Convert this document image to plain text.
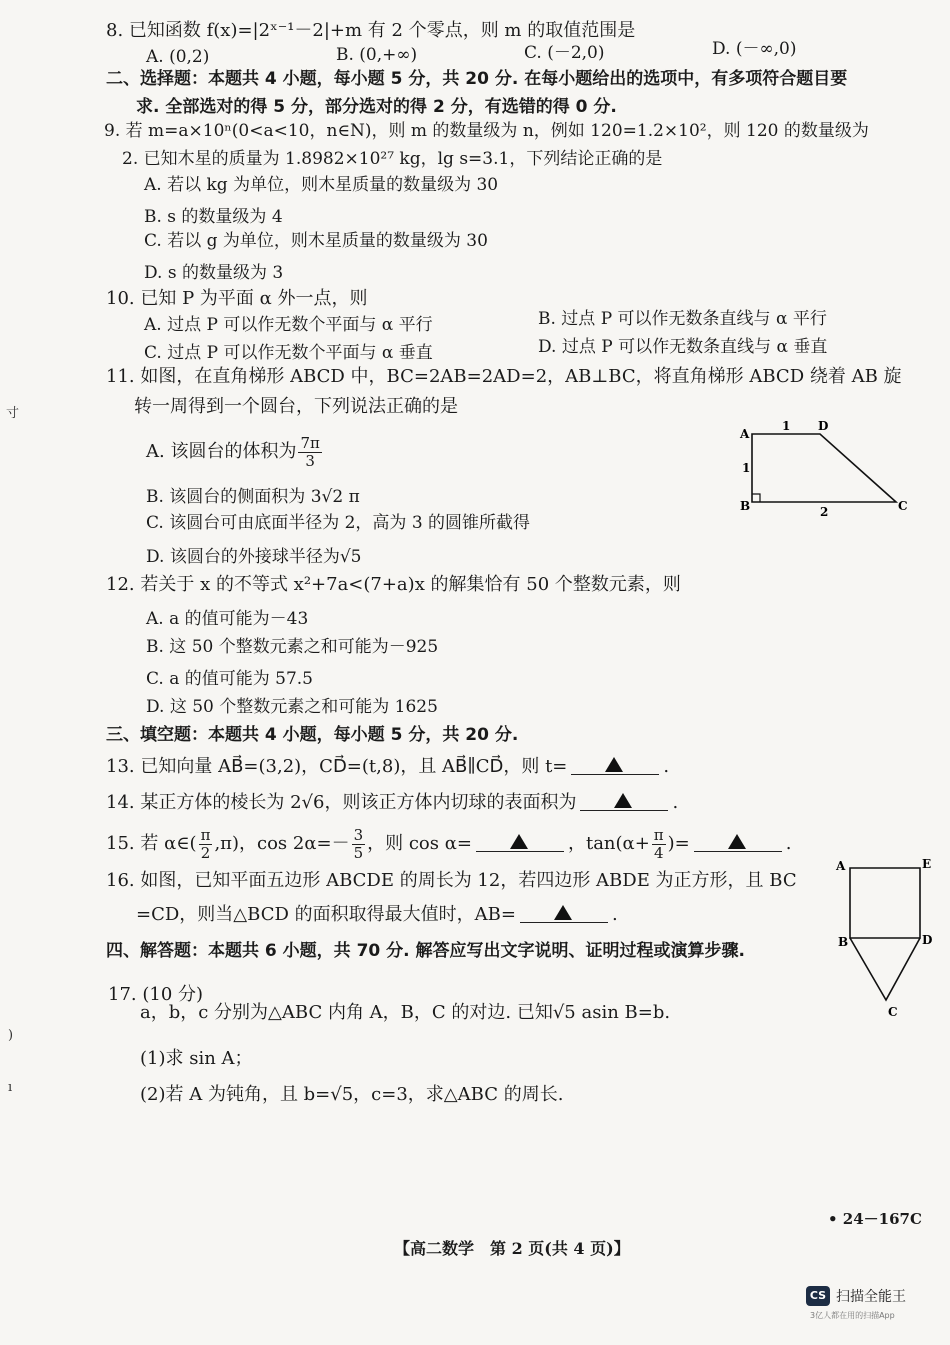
8. 已知函数 f(x)=|2ˣ⁻¹－2|+m 有 2 个零点，则 m 的取值范围是
A. (0,2)	B. (0,+∞)	C. (－2,0)	D. (－∞,0)
二、选择题：本题共 4 小题，每小题 5 分，共 20 分. 在每小题给出的选项中，有多项符合题目要
求. 全部选对的得 5 分，部分选对的得 2 分，有选错的得 0 分.
9. 若 m=a×10ⁿ(0<a<10，n∈N)，则 m 的数量级为 n，例如 120=1.2×10²，则 120 的数量级为
2. 已知木星的质量为 1.8982×10²⁷ kg，lg s=3.1，下列结论正确的是
A. 若以 kg 为单位，则木星质量的数量级为 30
B. s 的数量级为 4
C. 若以 g 为单位，则木星质量的数量级为 30
D. s 的数量级为 3
10. 已知 P 为平面 α 外一点，则
A. 过点 P 可以作无数个平面与 α 平行	B. 过点 P 可以作无数条直线与 α 平行
C. 过点 P 可以作无数个平面与 α 垂直	D. 过点 P 可以作无数条直线与 α 垂直
11. 如图，在直角梯形 ABCD 中，BC=2AB=2AD=2，AB⊥BC，将直角梯形 ABCD 绕着 AB 旋
转一周得到一个圆台，下列说法正确的是
A. 该圆台的体积为 $\frac{7\pi}{3}$
B. 该圆台的侧面积为 3√2 π
C. 该圆台可由底面半径为 2，高为 3 的圆锥所截得
D. 该圆台的外接球半径为√5
A
D
B	C
1
1
2
12. 若关于 x 的不等式 x²+7a<(7+a)x 的解集恰有 50 个整数元素，则
A. a 的值可能为－43
B. 这 50 个整数元素之和可能为－925
C. a 的值可能为 57.5
D. 这 50 个整数元素之和可能为 1625
三、填空题：本题共 4 小题，每小题 5 分，共 20 分.
13. 已知向量 AB⃗=(3,2)，CD⃗=(t,8)，且 AB⃗∥CD⃗，则 t=	.
14. 某正方体的棱长为 2√6，则该正方体内切球的表面积为	.
15. 若 α∈( $\frac{\pi}{2} ,\pi$)，$\cos 2\alpha=- \frac{3}{5}$ ，则 cos α=	，$\tan(\alpha+ \frac{\pi}{4}$ )=	.
16. 如图，已知平面五边形 ABCDE 的周长为 12，若四边形 ABDE 为正方形，且 BC
=CD，则当△BCD 的面积取得最大值时，AB=	.
A	E
B	D
C
四、解答题：本题共 6 小题，共 70 分. 解答应写出文字说明、证明过程或演算步骤.
17. (10 分)
a，b，c 分别为△ABC 内角 A，B，C 的对边. 已知√5 asin B=b.
(1)求 sin A；
(2)若 A 为钝角，且 b=√5，c=3，求△ABC 的周长.
寸
)
ı
• 24－167C
【高二数学　第 2 页(共 4 页)】
CS 扫描全能王
3亿人都在用的扫描App
